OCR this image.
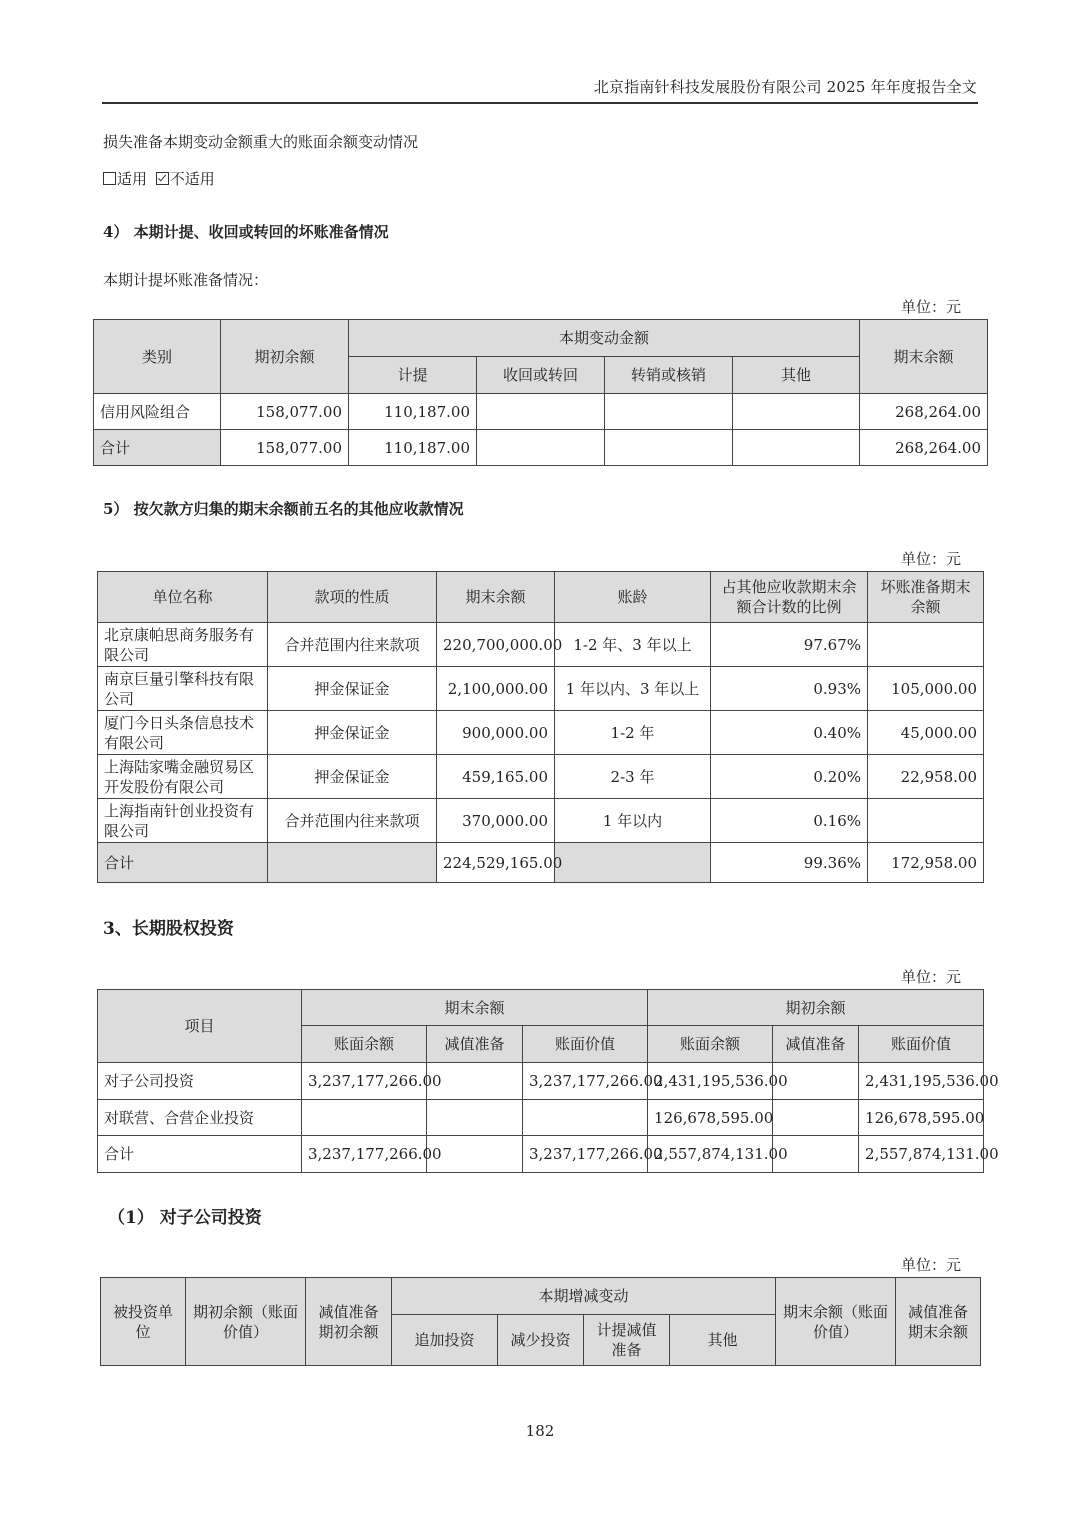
北京指南针科技发展股份有限公司 2025 年年度报告全文
损失准备本期变动金额重大的账面余额变动情况
适用 不适用
4） 本期计提、收回或转回的坏账准备情况
本期计提坏账准备情况：
单位：元
类别	期初余额	本期变动金额				期末余额
		计提	收回或转回	转销或核销	其他	
信用风险组合	158,077.00	110,187.00				268,264.00
合计	158,077.00	110,187.00				268,264.00
5） 按欠款方归集的期末余额前五名的其他应收款情况
单位：元
单位名称	款项的性质	期末余额	账龄	占其他应收款期末余额合计数的比例	坏账准备期末余额
北京康帕思商务服务有限公司	合并范围内往来款项	220,700,000.00	1-2 年、3 年以上	97.67%	
南京巨量引擎科技有限公司	押金保证金	2,100,000.00	1 年以内、3 年以上	0.93%	105,000.00
厦门今日头条信息技术有限公司	押金保证金	900,000.00	1-2 年	0.40%	45,000.00
上海陆家嘴金融贸易区开发股份有限公司	押金保证金	459,165.00	2-3 年	0.20%	22,958.00
上海指南针创业投资有限公司	合并范围内往来款项	370,000.00	1 年以内	0.16%	
合计		224,529,165.00		99.36%	172,958.00
3、长期股权投资
单位：元
项目	期末余额			期初余额		
	账面余额	减值准备	账面价值	账面余额	减值准备	账面价值
对子公司投资	3,237,177,266.00		3,237,177,266.00	2,431,195,536.00		2,431,195,536.00
对联营、合营企业投资				126,678,595.00		126,678,595.00
合计	3,237,177,266.00		3,237,177,266.00	2,557,874,131.00		2,557,874,131.00
（1） 对子公司投资
单位：元
被投资单位	期初余额（账面价值）	减值准备期初余额	本期增减变动				期末余额（账面价值）	减值准备期末余额
			追加投资	减少投资	计提减值准备	其他		
182
